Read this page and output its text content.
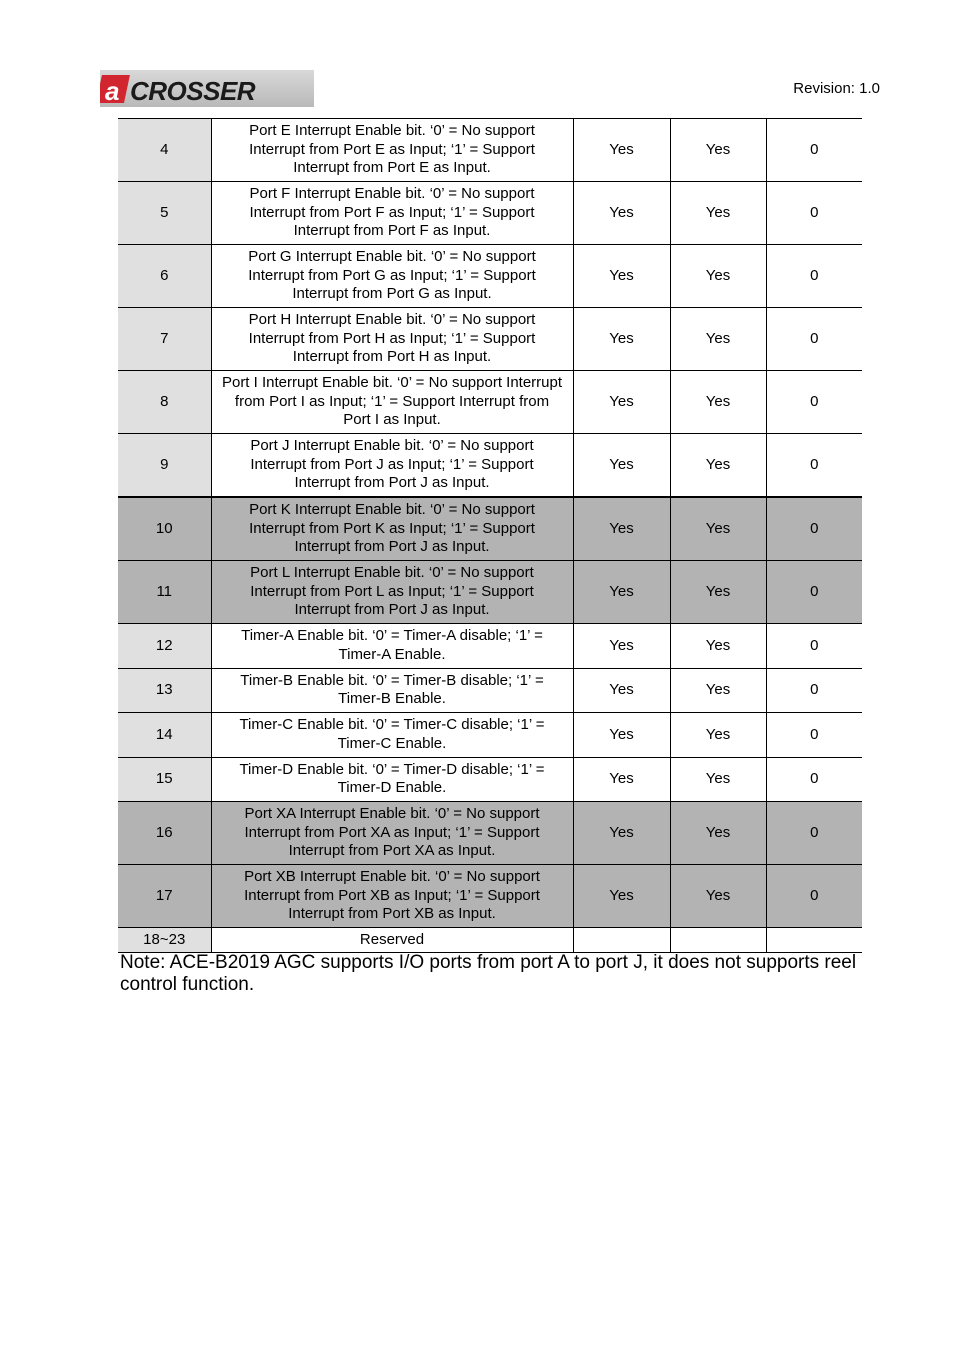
a CROSSER	Revision: 1.0
4	Port E Interrupt Enable bit. ‘0’ = No support Interrupt from Port E as Input; ‘1’ = Support Interrupt from Port E as Input.	Yes	Yes	0
5	Port F Interrupt Enable bit. ‘0’ = No support Interrupt from Port F as Input; ‘1’ = Support Interrupt from Port F as Input.	Yes	Yes	0
6	Port G Interrupt Enable bit. ‘0’ = No support Interrupt from Port G as Input; ‘1’ = Support Interrupt from Port G as Input.	Yes	Yes	0
7	Port H Interrupt Enable bit. ‘0’ = No support Interrupt from Port H as Input; ‘1’ = Support Interrupt from Port H as Input.	Yes	Yes	0
8	Port I Interrupt Enable bit. ‘0’ = No support Interrupt from Port I as Input; ‘1’ = Support Interrupt from Port I as Input.	Yes	Yes	0
9	Port J Interrupt Enable bit. ‘0’ = No support Interrupt from Port J as Input; ‘1’ = Support Interrupt from Port J as Input.	Yes	Yes	0
10	Port K Interrupt Enable bit. ‘0’ = No support Interrupt from Port K as Input; ‘1’ = Support Interrupt from Port J as Input.	Yes	Yes	0
11	Port L Interrupt Enable bit. ‘0’ = No support Interrupt from Port L as Input; ‘1’ = Support Interrupt from Port J as Input.	Yes	Yes	0
12	Timer-A Enable bit. ‘0’ = Timer-A disable; ‘1’ = Timer-A Enable.	Yes	Yes	0
13	Timer-B Enable bit. ‘0’ = Timer-B disable; ‘1’ = Timer-B Enable.	Yes	Yes	0
14	Timer-C Enable bit. ‘0’ = Timer-C disable; ‘1’ = Timer-C Enable.	Yes	Yes	0
15	Timer-D Enable bit. ‘0’ = Timer-D disable; ‘1’ = Timer-D Enable.	Yes	Yes	0
16	Port XA Interrupt Enable bit. ‘0’ = No support Interrupt from Port XA as Input; ‘1’ = Support Interrupt from Port XA as Input.	Yes	Yes	0
17	Port XB Interrupt Enable bit. ‘0’ = No support Interrupt from Port XB as Input; ‘1’ = Support Interrupt from Port XB as Input.	Yes	Yes	0
18~23	Reserved			
Note: ACE-B2019 AGC supports I/O ports from port A to port J, it does not supports reel control function.
